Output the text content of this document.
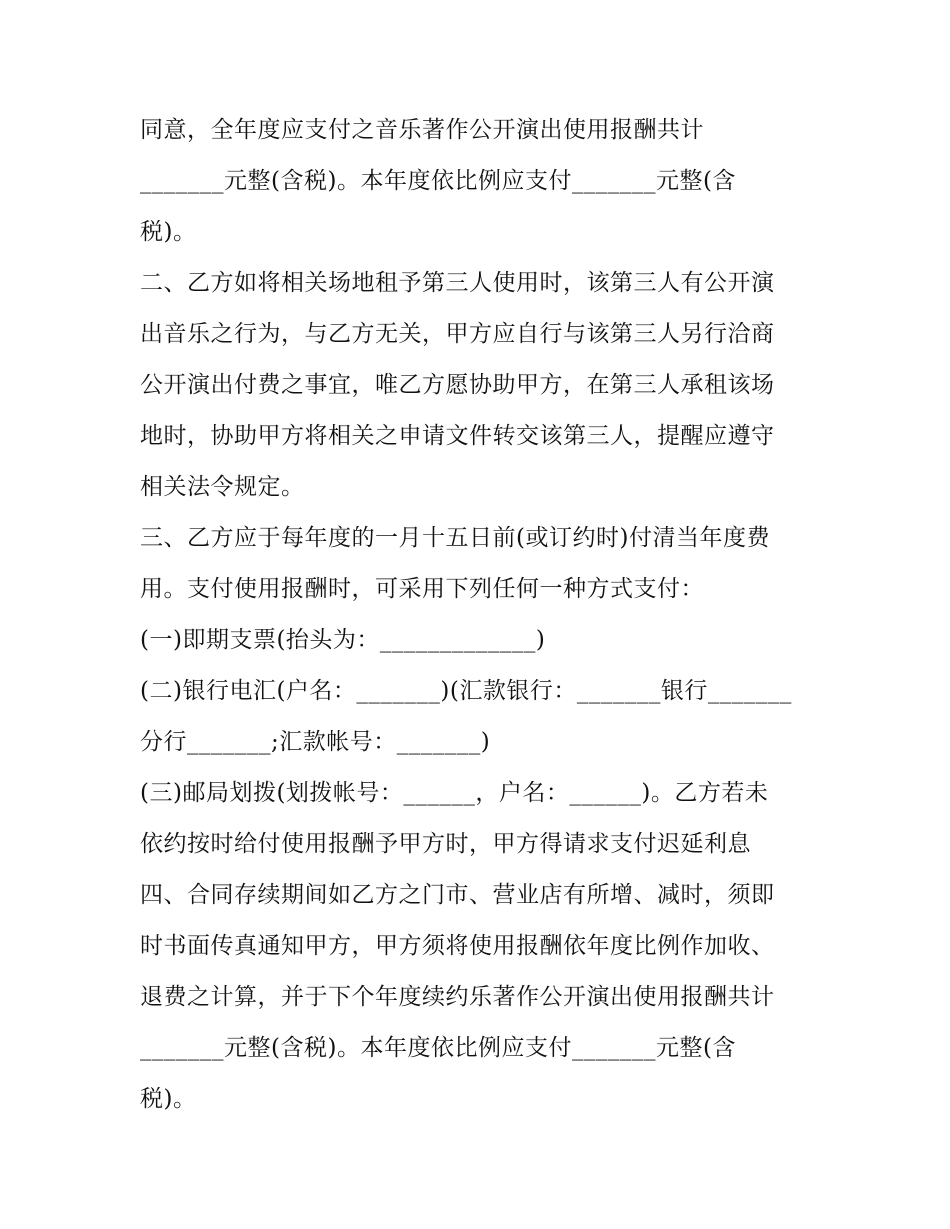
同意，全年度应支付之音乐著作公开演出使用报酬共计
_______元整(含税)。本年度依比例应支付_______元整(含
税)。
二、乙方如将相关场地租予第三人使用时，该第三人有公开演
出音乐之行为，与乙方无关，甲方应自行与该第三人另行洽商
公开演出付费之事宜，唯乙方愿协助甲方，在第三人承租该场
地时，协助甲方将相关之申请文件转交该第三人，提醒应遵守
相关法令规定。
三、乙方应于每年度的一月十五日前(或订约时)付清当年度费
用。支付使用报酬时，可采用下列任何一种方式支付：
(一)即期支票(抬头为：_____________)
(二)银行电汇(户名：_______)(汇款银行：_______银行_______
分行_______;汇款帐号：_______)
(三)邮局划拨(划拨帐号：______，户名：______)。乙方若未
依约按时给付使用报酬予甲方时，甲方得请求支付迟延利息
四、合同存续期间如乙方之门市、营业店有所增、减时，须即
时书面传真通知甲方，甲方须将使用报酬依年度比例作加收、
退费之计算，并于下个年度续约乐著作公开演出使用报酬共计
_______元整(含税)。本年度依比例应支付_______元整(含
税)。
